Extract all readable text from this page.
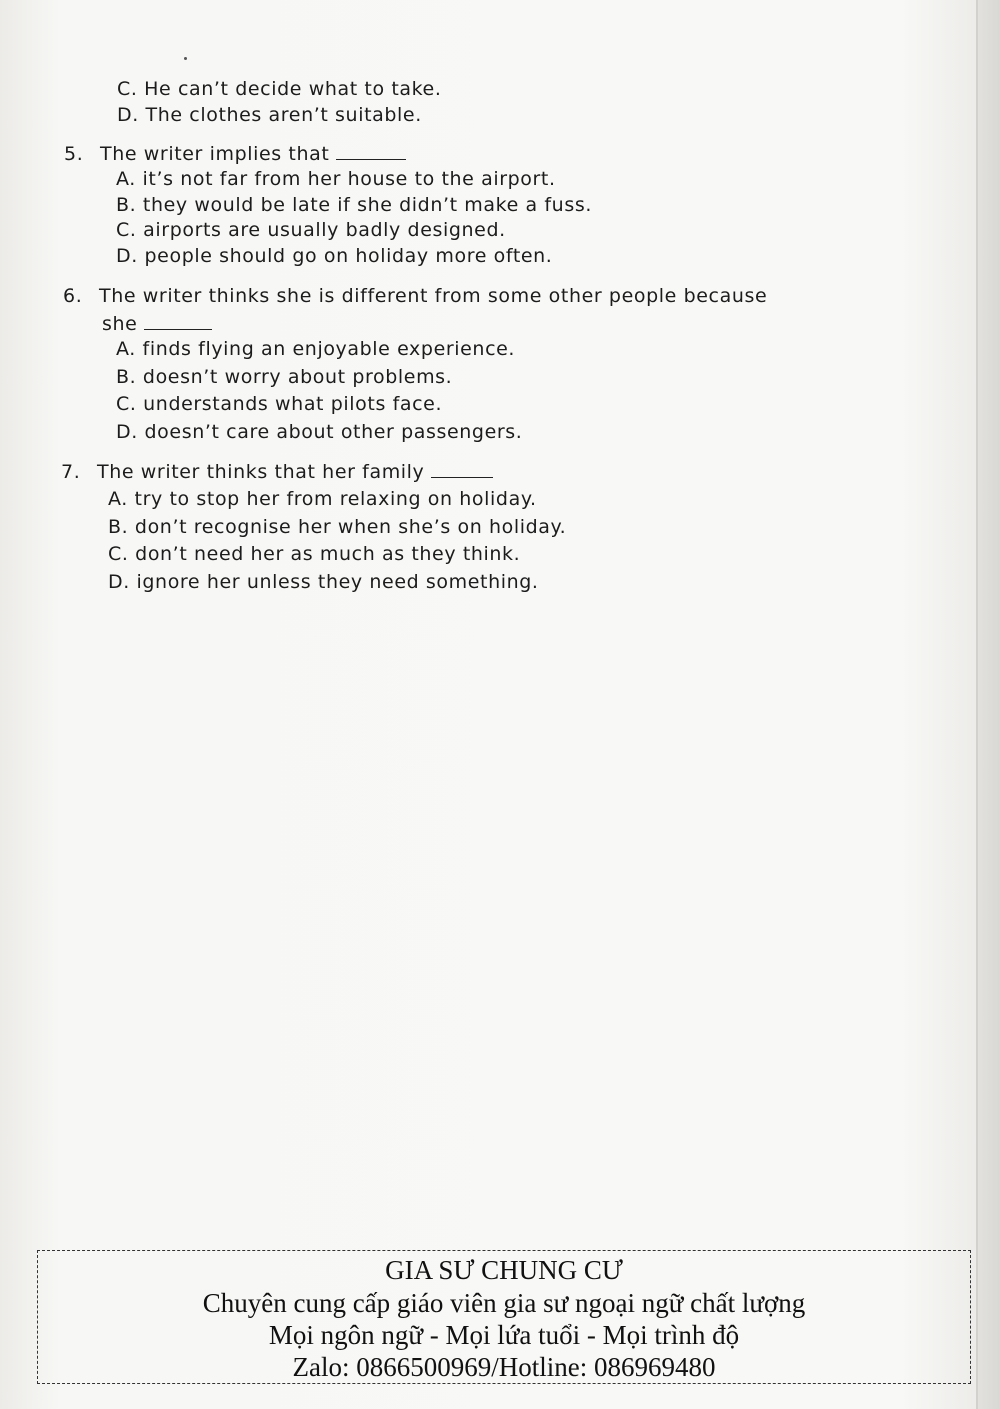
C. He can’t decide what to take.
D. The clothes aren’t suitable.
5. The writer implies that
A. it’s not far from her house to the airport.
B. they would be late if she didn’t make a fuss.
C. airports are usually badly designed.
D. people should go on holiday more often.
6. The writer thinks she is different from some other people because
she
A. finds flying an enjoyable experience.
B. doesn’t worry about problems.
C. understands what pilots face.
D. doesn’t care about other passengers.
7. The writer thinks that her family
A. try to stop her from relaxing on holiday.
B. don’t recognise her when she’s on holiday.
C. don’t need her as much as they think.
D. ignore her unless they need something.
GIA SƯ CHUNG CƯ
Chuyên cung cấp giáo viên gia sư ngoại ngữ chất lượng
Mọi ngôn ngữ - Mọi lứa tuổi - Mọi trình độ
Zalo: 0866500969/Hotline: 086969480
